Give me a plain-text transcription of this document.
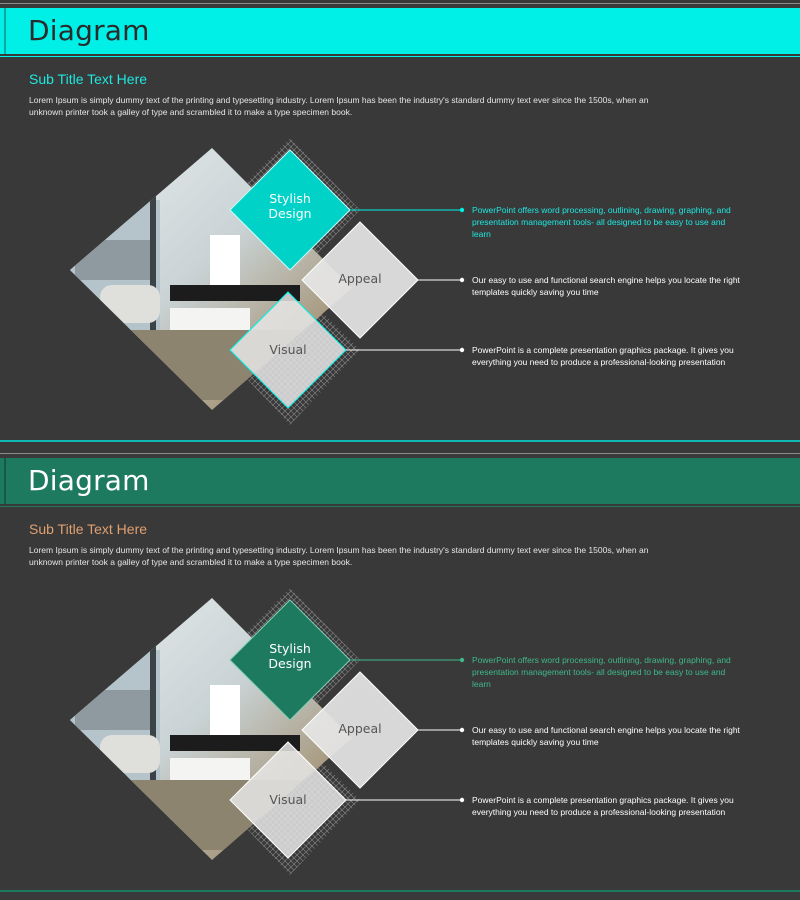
Diagram
Sub Title Text Here
Lorem Ipsum is simply dummy text of the printing and typesetting industry. Lorem Ipsum has been the industry's standard dummy text ever since the 1500s, when an unknown printer took a galley of type and scrambled it to make a type specimen book.
Stylish
Design
Appeal
Visual
PowerPoint offers word processing, outlining, drawing, graphing, and presentation management tools- all designed to be easy to use and learn
Our easy to use and functional search engine helps you locate the right templates quickly saving you time
PowerPoint is a complete presentation graphics package. It gives you everything you need to produce a professional-looking presentation
Diagram
Sub Title Text Here
Lorem Ipsum is simply dummy text of the printing and typesetting industry. Lorem Ipsum has been the industry's standard dummy text ever since the 1500s, when an unknown printer took a galley of type and scrambled it to make a type specimen book.
Stylish
Design
Appeal
Visual
PowerPoint offers word processing, outlining, drawing, graphing, and presentation management tools- all designed to be easy to use and learn
Our easy to use and functional search engine helps you locate the right templates quickly saving you time
PowerPoint is a complete presentation graphics package. It gives you everything you need to produce a professional-looking presentation
